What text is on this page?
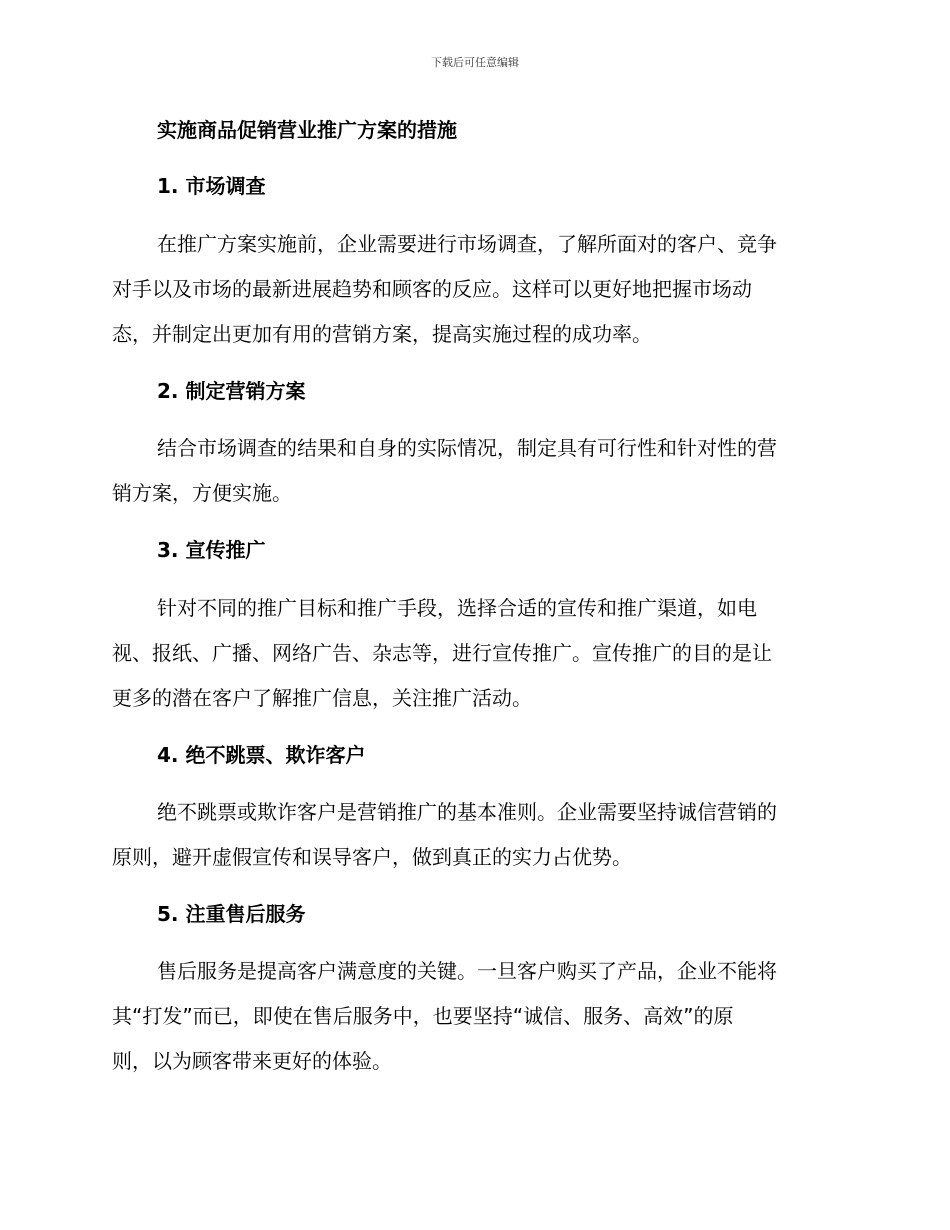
下载后可任意编辑
实施商品促销营业推广方案的措施
1. 市场调查
在推广方案实施前，企业需要进行市场调查，了解所面对的客户、竞争
对手以及市场的最新进展趋势和顾客的反应。这样可以更好地把握市场动
态，并制定出更加有用的营销方案，提高实施过程的成功率。
2. 制定营销方案
结合市场调查的结果和自身的实际情况，制定具有可行性和针对性的营
销方案，方便实施。
3. 宣传推广
针对不同的推广目标和推广手段，选择合适的宣传和推广渠道，如电
视、报纸、广播、网络广告、杂志等，进行宣传推广。宣传推广的目的是让
更多的潜在客户了解推广信息，关注推广活动。
4. 绝不跳票、欺诈客户
绝不跳票或欺诈客户是营销推广的基本准则。企业需要坚持诚信营销的
原则，避开虚假宣传和误导客户，做到真正的实力占优势。
5. 注重售后服务
售后服务是提高客户满意度的关键。一旦客户购买了产品，企业不能将
其“打发”而已，即使在售后服务中，也要坚持“诚信、服务、高效”的原
则，以为顾客带来更好的体验。
